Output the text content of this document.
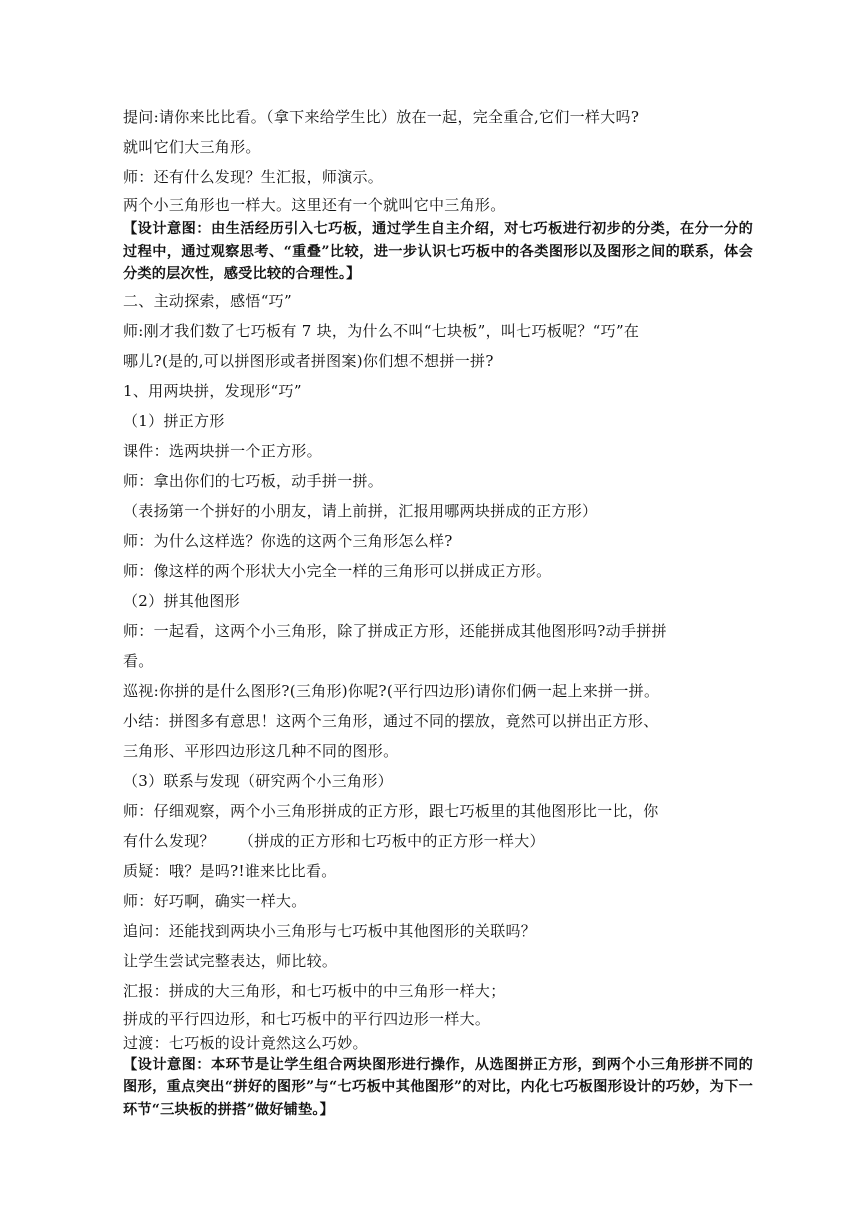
提问:请你来比比看。（拿下来给学生比）放在一起，完全重合,它们一样大吗?

就叫它们大三角形。

师：还有什么发现？生汇报，师演示。

两个小三角形也一样大。这里还有一个就叫它中三角形。

【设计意图：由生活经历引入七巧板，通过学生自主介绍，对七巧板进行初步的分类，在分一分的过程中，通过观察思考、“重叠”比较，进一步认识七巧板中的各类图形以及图形之间的联系，体会分类的层次性，感受比较的合理性。】

二、主动探索，感悟“巧”

师:刚才我们数了七巧板有 7 块，为什么不叫“七块板”，叫七巧板呢？“巧”在

哪儿?(是的,可以拼图形或者拼图案)你们想不想拼一拼?

1、用两块拼，发现形“巧”

（1）拼正方形

课件：选两块拼一个正方形。

师：拿出你们的七巧板，动手拼一拼。

（表扬第一个拼好的小朋友，请上前拼，汇报用哪两块拼成的正方形）

师：为什么这样选？你选的这两个三角形怎么样?

师：像这样的两个形状大小完全一样的三角形可以拼成正方形。

（2）拼其他图形

师：一起看，这两个小三角形，除了拼成正方形，还能拼成其他图形吗?动手拼拼

看。

巡视:你拼的是什么图形?(三角形)你呢?(平行四边形)请你们俩一起上来拼一拼。

小结：拼图多有意思！这两个三角形，通过不同的摆放，竟然可以拼出正方形、

三角形、平形四边形这几种不同的图形。

（3）联系与发现（研究两个小三角形）

师：仔细观察，两个小三角形拼成的正方形，跟七巧板里的其他图形比一比，你

有什么发现？ （拼成的正方形和七巧板中的正方形一样大）

质疑：哦？是吗?!谁来比比看。

师：好巧啊，确实一样大。

追问：还能找到两块小三角形与七巧板中其他图形的关联吗？

让学生尝试完整表达，师比较。

汇报：拼成的大三角形，和七巧板中的中三角形一样大；

拼成的平行四边形，和七巧板中的平行四边形一样大。

过渡：七巧板的设计竟然这么巧妙。

【设计意图：本环节是让学生组合两块图形进行操作，从选图拼正方形，到两个小三角形拼不同的图形，重点突出“拼好的图形”与“七巧板中其他图形”的对比，内化七巧板图形设计的巧妙，为下一环节“三块板的拼搭”做好铺垫。】
